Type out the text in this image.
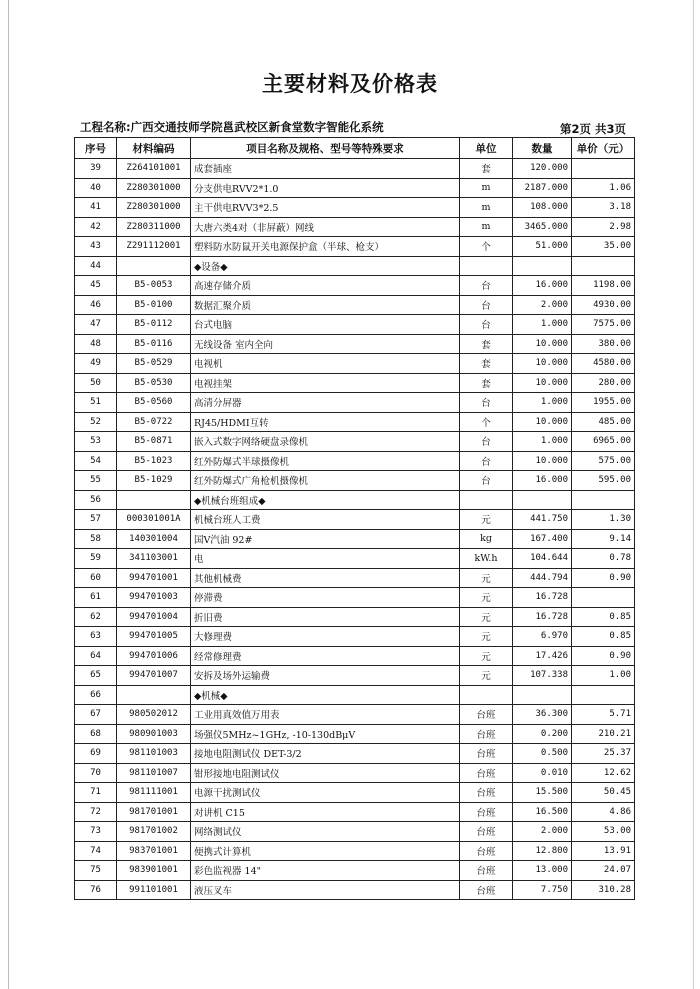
主要材料及价格表
工程名称:广西交通技师学院邕武校区新食堂数字智能化系统	第2页 共3页
序号	材料编码	项目名称及规格、型号等特殊要求	单位	数量	单价（元）
39	Z264101001	成套插座	套	120.000	
40	Z280301000	分支供电RVV2*1.0	m	2187.000	1.06
41	Z280301000	主干供电RVV3*2.5	m	108.000	3.18
42	Z280311000	大唐六类4对（非屏蔽）网线	m	3465.000	2.98
43	Z291112001	塑料防水防鼠开关电源保护盒（半球、枪支）	个	51.000	35.00
44		◆设备◆			
45	B5-0053	高速存储介质	台	16.000	1198.00
46	B5-0100	数据汇聚介质	台	2.000	4930.00
47	B5-0112	台式电脑	台	1.000	7575.00
48	B5-0116	无线设备 室内全向	套	10.000	380.00
49	B5-0529	电视机	套	10.000	4580.00
50	B5-0530	电视挂架	套	10.000	280.00
51	B5-0560	高清分屏器	台	1.000	1955.00
52	B5-0722	RJ45/HDMI互转	个	10.000	485.00
53	B5-0871	嵌入式数字网络硬盘录像机	台	1.000	6965.00
54	B5-1023	红外防爆式半球摄像机	台	10.000	575.00
55	B5-1029	红外防爆式广角枪机摄像机	台	16.000	595.00
56		◆机械台班组成◆			
57	000301001A	机械台班人工费	元	441.750	1.30
58	140301004	国V汽油 92#	kg	167.400	9.14
59	341103001	电	kW.h	104.644	0.78
60	994701001	其他机械费	元	444.794	0.90
61	994701003	停滞费	元	16.728	
62	994701004	折旧费	元	16.728	0.85
63	994701005	大修理费	元	6.970	0.85
64	994701006	经常修理费	元	17.426	0.90
65	994701007	安拆及场外运输费	元	107.338	1.00
66		◆机械◆			
67	980502012	工业用真效值万用表	台班	36.300	5.71
68	980901003	场强仪5MHz~1GHz, -10-130dBμV	台班	0.200	210.21
69	981101003	接地电阻测试仪 DET-3/2	台班	0.500	25.37
70	981101007	钳形接地电阻测试仪	台班	0.010	12.62
71	981111001	电源干扰测试仪	台班	15.500	50.45
72	981701001	对讲机 C15	台班	16.500	4.86
73	981701002	网络测试仪	台班	2.000	53.00
74	983701001	便携式计算机	台班	12.800	13.91
75	983901001	彩色监视器 14"	台班	13.000	24.07
76	991101001	液压叉车	台班	7.750	310.28
